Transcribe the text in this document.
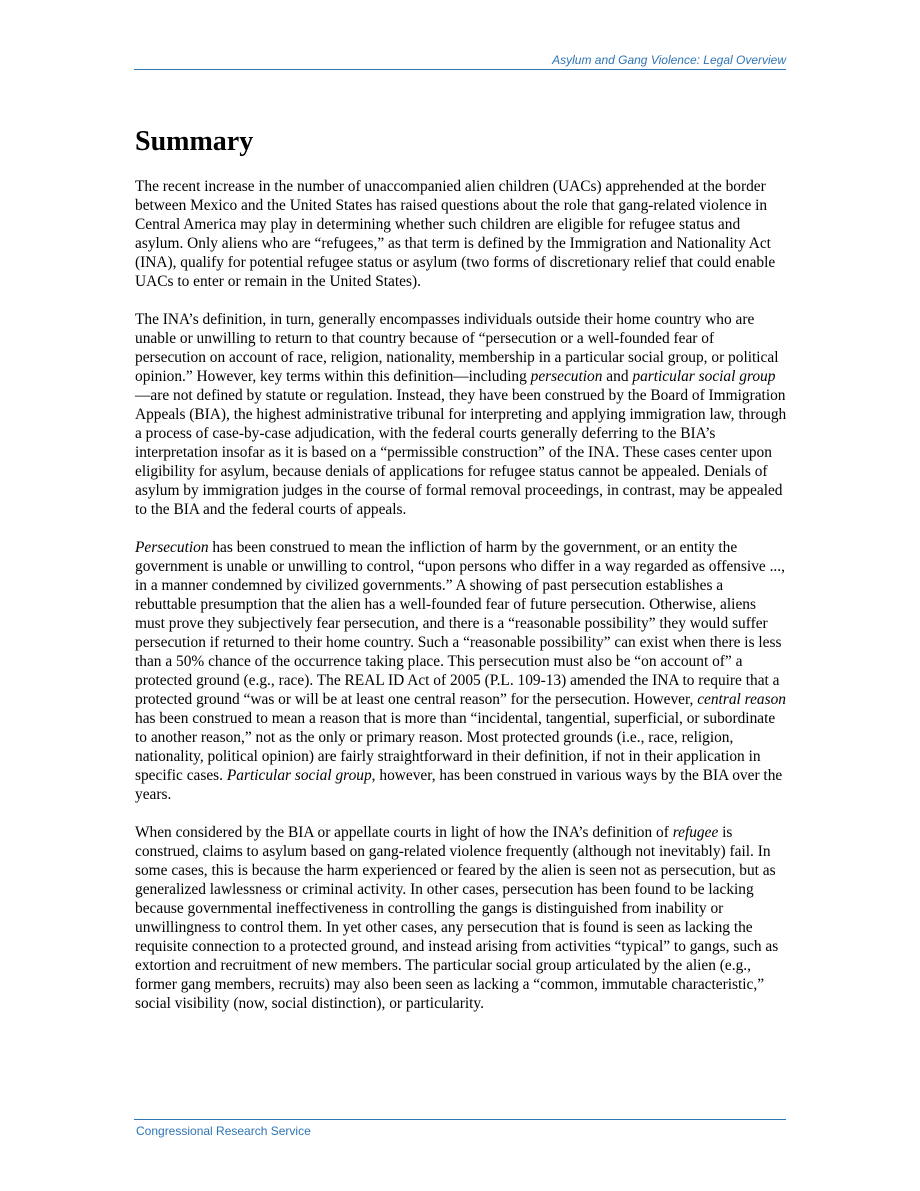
Asylum and Gang Violence: Legal Overview
Summary

The recent increase in the number of unaccompanied alien children (UACs) apprehended at the border between Mexico and the United States has raised questions about the role that gang-related violence in Central America may play in determining whether such children are eligible for refugee status and asylum. Only aliens who are “refugees,” as that term is defined by the Immigration and Nationality Act (INA), qualify for potential refugee status or asylum (two forms of discretionary relief that could enable UACs to enter or remain in the United States).

The INA’s definition, in turn, generally encompasses individuals outside their home country who are unable or unwilling to return to that country because of “persecution or a well-founded fear of persecution on account of race, religion, nationality, membership in a particular social group, or political opinion.” However, key terms within this definition—including persecution and particular social group—are not defined by statute or regulation. Instead, they have been construed by the Board of Immigration Appeals (BIA), the highest administrative tribunal for interpreting and applying immigration law, through a process of case-by-case adjudication, with the federal courts generally deferring to the BIA’s interpretation insofar as it is based on a “permissible construction” of the INA. These cases center upon eligibility for asylum, because denials of applications for refugee status cannot be appealed. Denials of asylum by immigration judges in the course of formal removal proceedings, in contrast, may be appealed to the BIA and the federal courts of appeals.

Persecution has been construed to mean the infliction of harm by the government, or an entity the government is unable or unwilling to control, “upon persons who differ in a way regarded as offensive ..., in a manner condemned by civilized governments.” A showing of past persecution establishes a rebuttable presumption that the alien has a well-founded fear of future persecution. Otherwise, aliens must prove they subjectively fear persecution, and there is a “reasonable possibility” they would suffer persecution if returned to their home country. Such a “reasonable possibility” can exist when there is less than a 50% chance of the occurrence taking place. This persecution must also be “on account of” a protected ground (e.g., race). The REAL ID Act of 2005 (P.L. 109-13) amended the INA to require that a protected ground “was or will be at least one central reason” for the persecution. However, central reason has been construed to mean a reason that is more than “incidental, tangential, superficial, or subordinate to another reason,” not as the only or primary reason. Most protected grounds (i.e., race, religion, nationality, political opinion) are fairly straightforward in their definition, if not in their application in specific cases. Particular social group, however, has been construed in various ways by the BIA over the years.

When considered by the BIA or appellate courts in light of how the INA’s definition of refugee is construed, claims to asylum based on gang-related violence frequently (although not inevitably) fail. In some cases, this is because the harm experienced or feared by the alien is seen not as persecution, but as generalized lawlessness or criminal activity. In other cases, persecution has been found to be lacking because governmental ineffectiveness in controlling the gangs is distinguished from inability or unwillingness to control them. In yet other cases, any persecution that is found is seen as lacking the requisite connection to a protected ground, and instead arising from activities “typical” to gangs, such as extortion and recruitment of new members. The particular social group articulated by the alien (e.g., former gang members, recruits) may also been seen as lacking a “common, immutable characteristic,” social visibility (now, social distinction), or particularity.

Congressional Research Service
